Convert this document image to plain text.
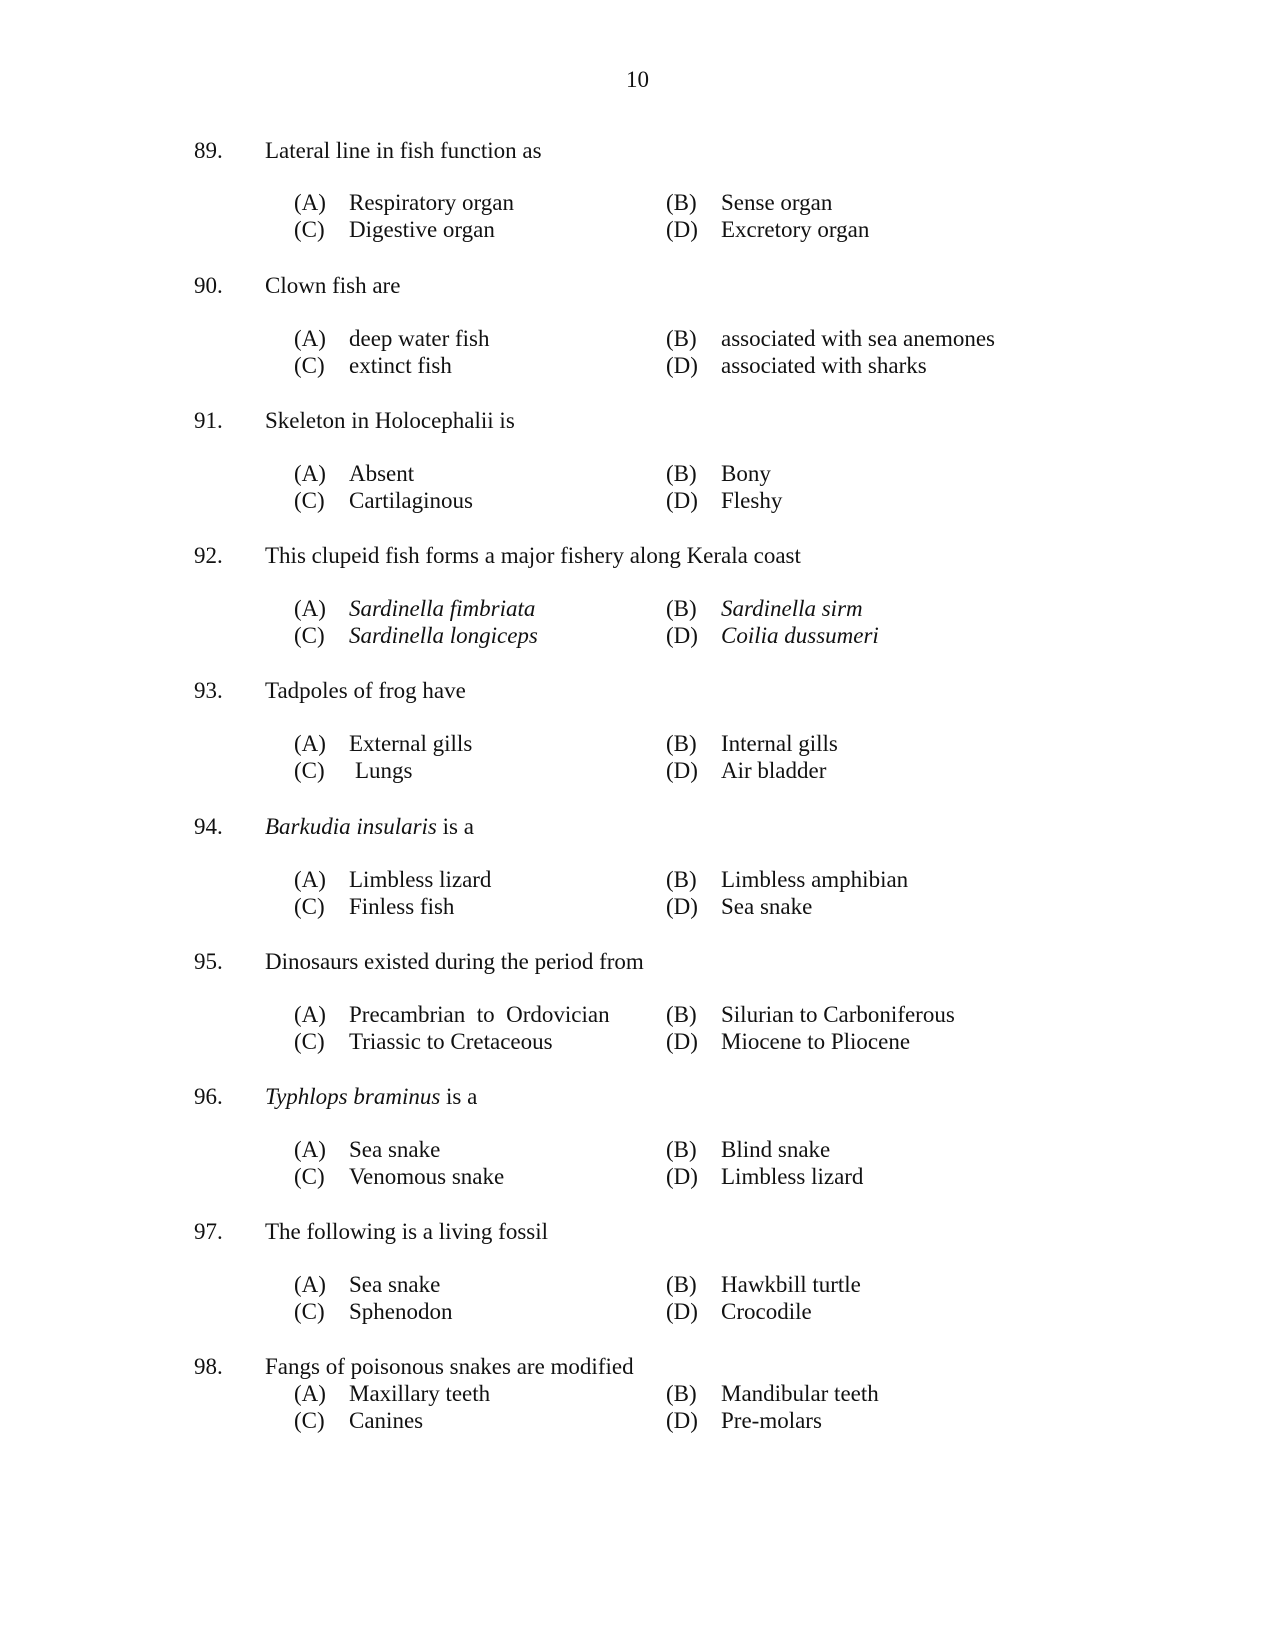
10
89. Lateral line in fish function as
(A) Respiratory organ	(B) Sense organ
(C) Digestive organ	(D) Excretory organ
90. Clown fish are
(A) deep water fish	(B) associated with sea anemones
(C) extinct fish	(D) associated with sharks
91. Skeleton in Holocephalii is
(A) Absent	(B) Bony
(C) Cartilaginous	(D) Fleshy
92. This clupeid fish forms a major fishery along Kerala coast
(A) Sardinella fimbriata	(B) Sardinella sirm
(C) Sardinella longiceps	(D) Coilia dussumeri
93. Tadpoles of frog have
(A) External gills	(B) Internal gills
(C) Lungs	(D) Air bladder
94. Barkudia insularis is a
(A) Limbless lizard	(B) Limbless amphibian
(C) Finless fish	(D) Sea snake
95. Dinosaurs existed during the period from
(A) Precambrian  to  Ordovician (B) Silurian to Carboniferous
(C) Triassic to Cretaceous	(D) Miocene to Pliocene
96. Typhlops braminus is a
(A) Sea snake	(B) Blind snake
(C) Venomous snake	(D) Limbless lizard
97. The following is a living fossil
(A) Sea snake	(B) Hawkbill turtle
(C) Sphenodon	(D) Crocodile
98. Fangs of poisonous snakes are modified
(A) Maxillary teeth	(B) Mandibular teeth
(C) Canines	(D) Pre-molars
